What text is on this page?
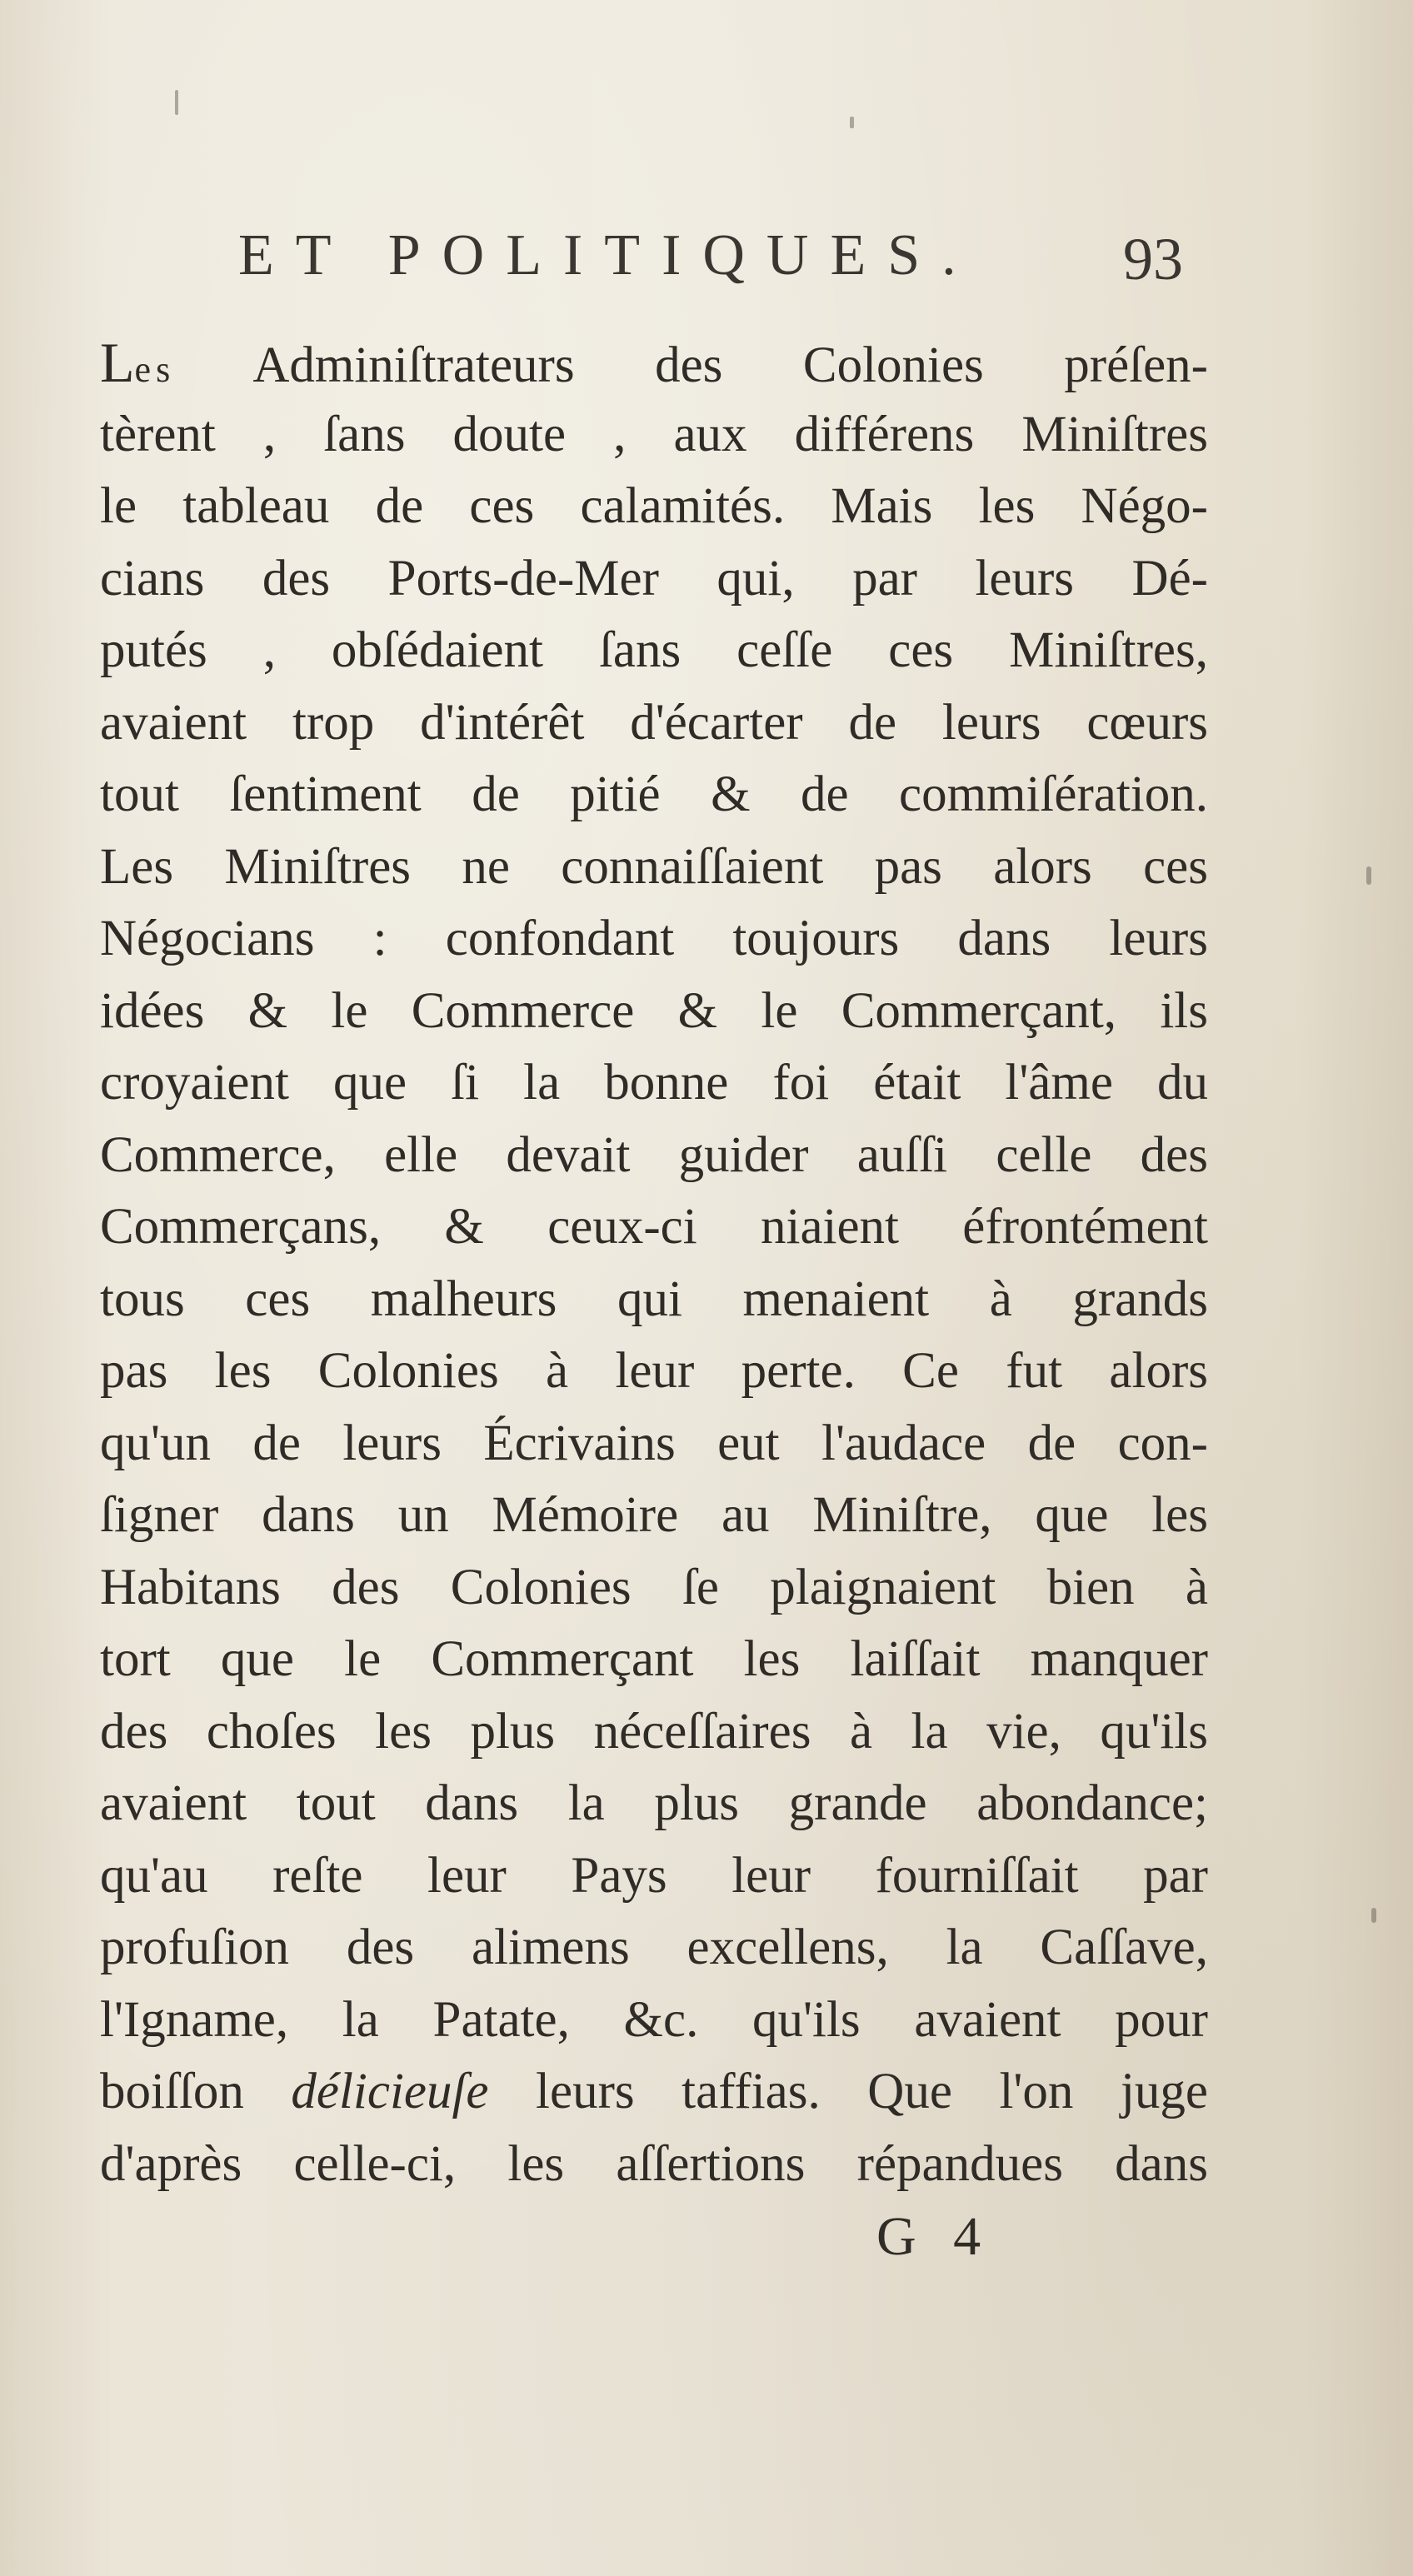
ET POLITIQUES. 93
Les Adminiſtrateurs des Colonies préſen-
tèrent , ſans doute , aux différens Miniſtres
le tableau de ces calamités. Mais les Négo-
cians des Ports-de-Mer qui, par leurs Dé-
putés , obſédaient ſans ceſſe ces Miniſtres,
avaient trop d'intérêt d'écarter de leurs cœurs
tout ſentiment de pitié & de commiſération.
Les Miniſtres ne connaiſſaient pas alors ces
Négocians : confondant toujours dans leurs
idées & le Commerce & le Commerçant, ils
croyaient que ſi la bonne foi était l'âme du
Commerce, elle devait guider auſſi celle des
Commerçans, & ceux-ci niaient éfrontément
tous ces malheurs qui menaient à grands
pas les Colonies à leur perte. Ce fut alors
qu'un de leurs Écrivains eut l'audace de con-
ſigner dans un Mémoire au Miniſtre, que les
Habitans des Colonies ſe plaignaient bien à
tort que le Commerçant les laiſſait manquer
des choſes les plus néceſſaires à la vie, qu'ils
avaient tout dans la plus grande abondance;
qu'au reſte leur Pays leur fourniſſait par
profuſion des alimens excellens, la Caſſave,
l'Igname, la Patate, &c. qu'ils avaient pour
boiſſon délicieuſe leurs taffias. Que l'on juge
d'après celle-ci, les aſſertions répandues dans
G 4
